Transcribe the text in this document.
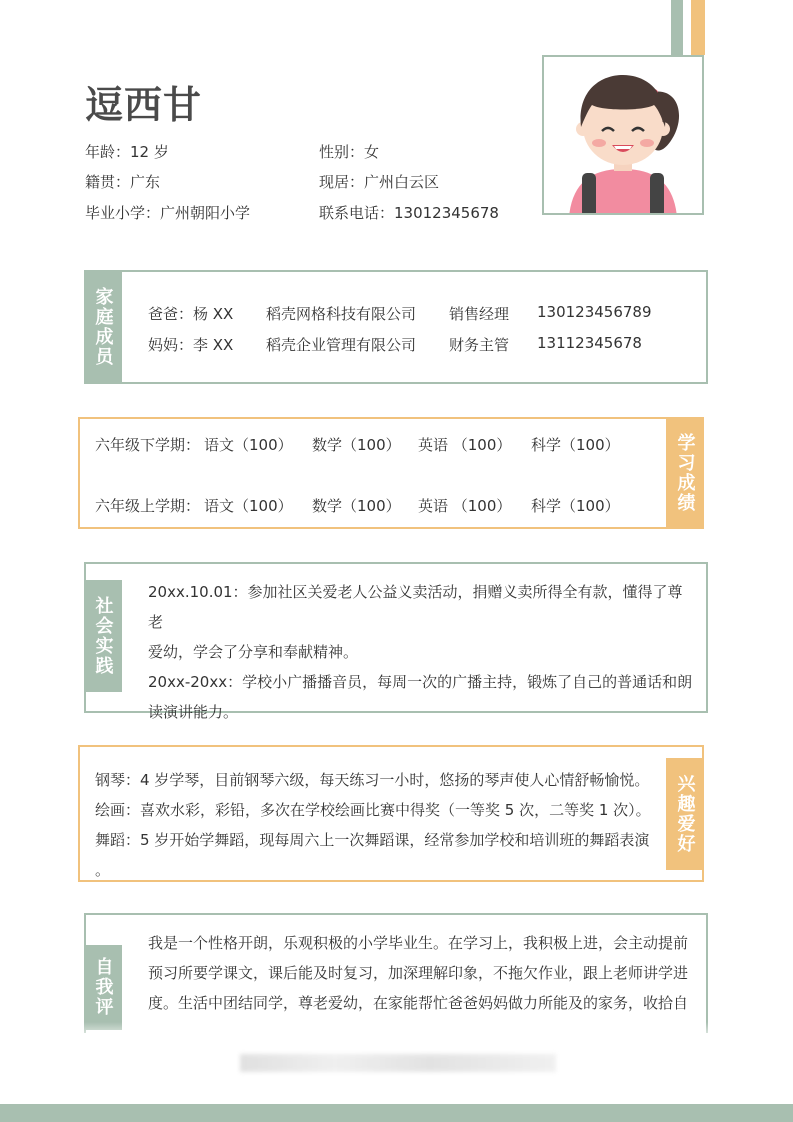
逗西甘
年龄：12 岁	性别：女
籍贯：广东	现居：广州白云区
毕业小学：广州朝阳小学	联系电话：13012345678
家庭成员 爸爸：杨 XX 稻壳网格科技有限公司 销售经理 130123456789
妈妈：李 XX 稻壳企业管理有限公司 财务主管 13112345678
学习成绩
六年级下学期： 语文（100） 数学（100） 英语 （100） 科学（100）
六年级上学期： 语文（100） 数学（100） 英语 （100） 科学（100）
社会实践
20xx.10.01：参加社区关爱老人公益义卖活动，捐赠义卖所得全有款，懂得了尊老
爱幼，学会了分享和奉献精神。
20xx-20xx：学校小广播播音员，每周一次的广播主持，锻炼了自己的普通话和朗
读演讲能力。
兴趣爱好
钢琴：4 岁学琴，目前钢琴六级，每天练习一小时，悠扬的琴声使人心情舒畅愉悦。
绘画：喜欢水彩，彩铅，多次在学校绘画比赛中得奖（一等奖 5 次，二等奖 1 次）。
舞蹈：5 岁开始学舞蹈，现每周六上一次舞蹈课，经常参加学校和培训班的舞蹈表演 。
自我评
我是一个性格开朗，乐观积极的小学毕业生。在学习上，我积极上进，会主动提前
预习所要学课文，课后能及时复习，加深理解印象，不拖欠作业，跟上老师讲学进
度。生活中团结同学，尊老爱幼，在家能帮忙爸爸妈妈做力所能及的家务，收拾自
